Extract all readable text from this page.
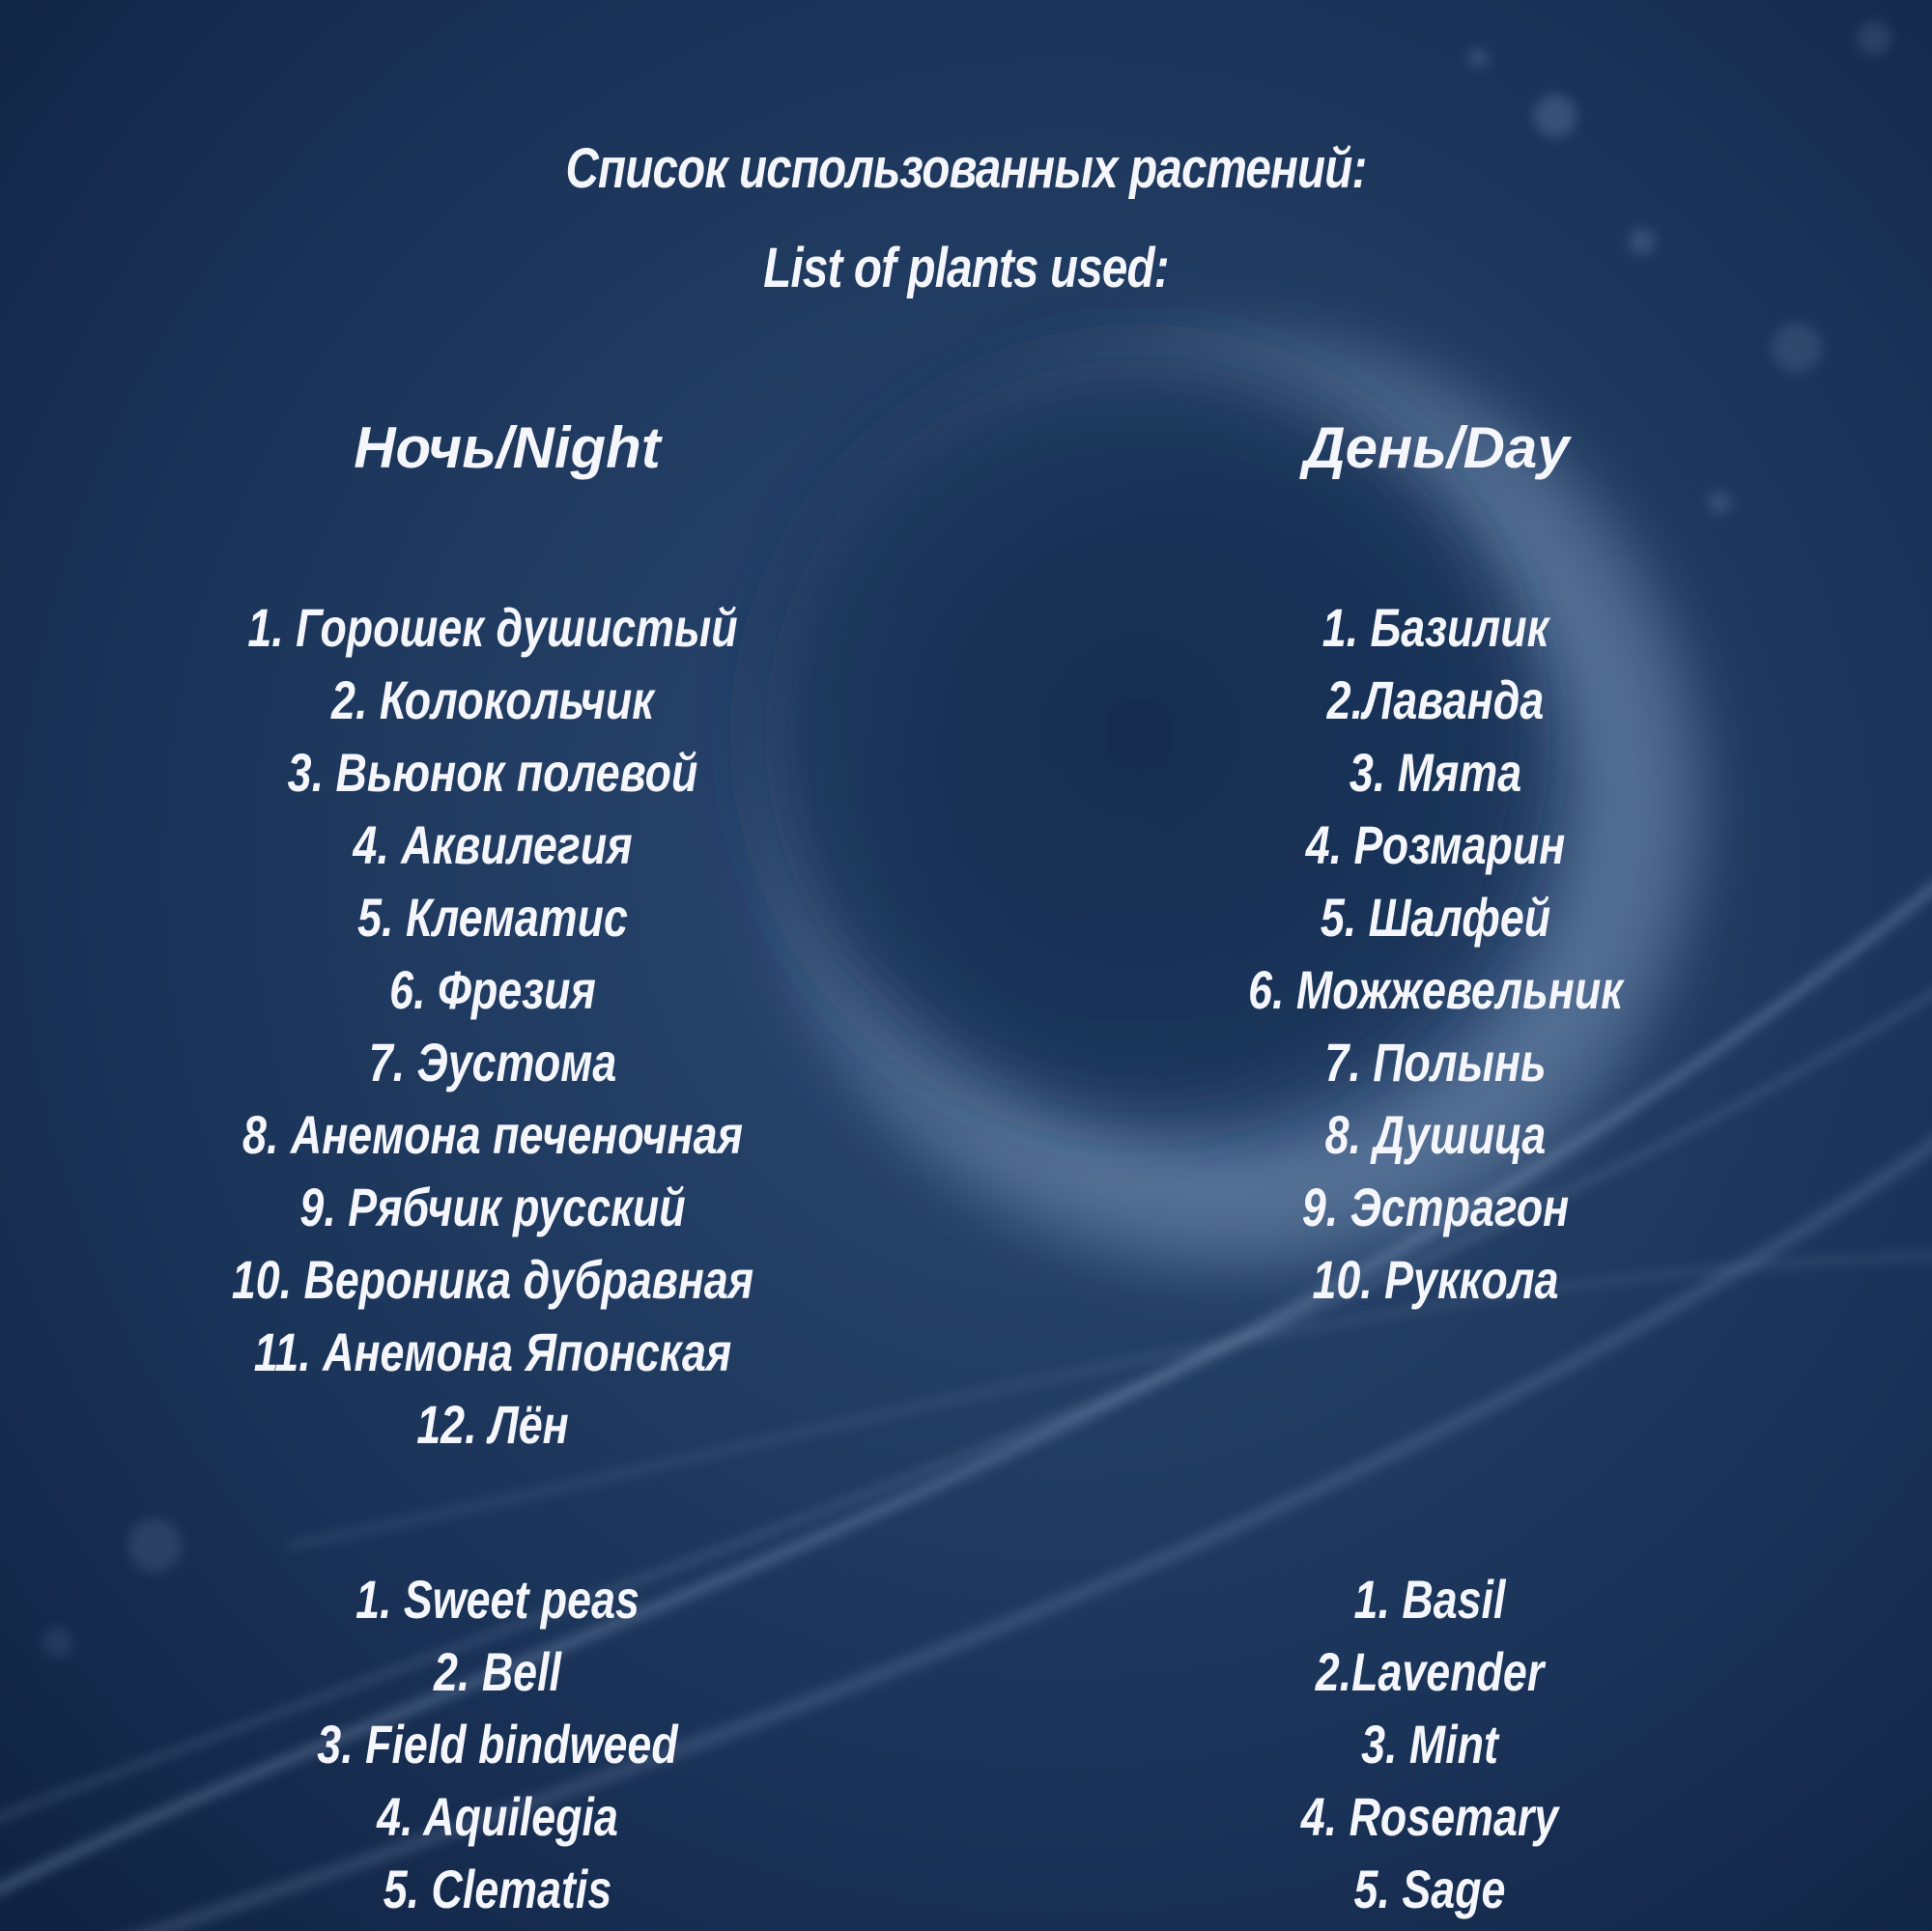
Список использованных растений:
List of plants used:
Ночь/Night	День/Day
1. Горошек душистый
2. Колокольчик
3. Вьюнок полевой
4. Аквилегия
5. Клематис
6. Фрезия
7. Эустома
8. Анемона печеночная
9. Рябчик русский
10. Вероника дубравная
11. Анемона Японская
12. Лён
1. Базилик
2.Лаванда
3. Мята
4. Розмарин
5. Шалфей
6. Можжевельник
7. Полынь
8. Душица
9. Эстрагон
10. Руккола
1. Sweet peas
2. Bell
3. Field bindweed
4. Aquilegia
5. Clematis
1. Basil
2.Lavender
3. Mint
4. Rosemary
5. Sage
